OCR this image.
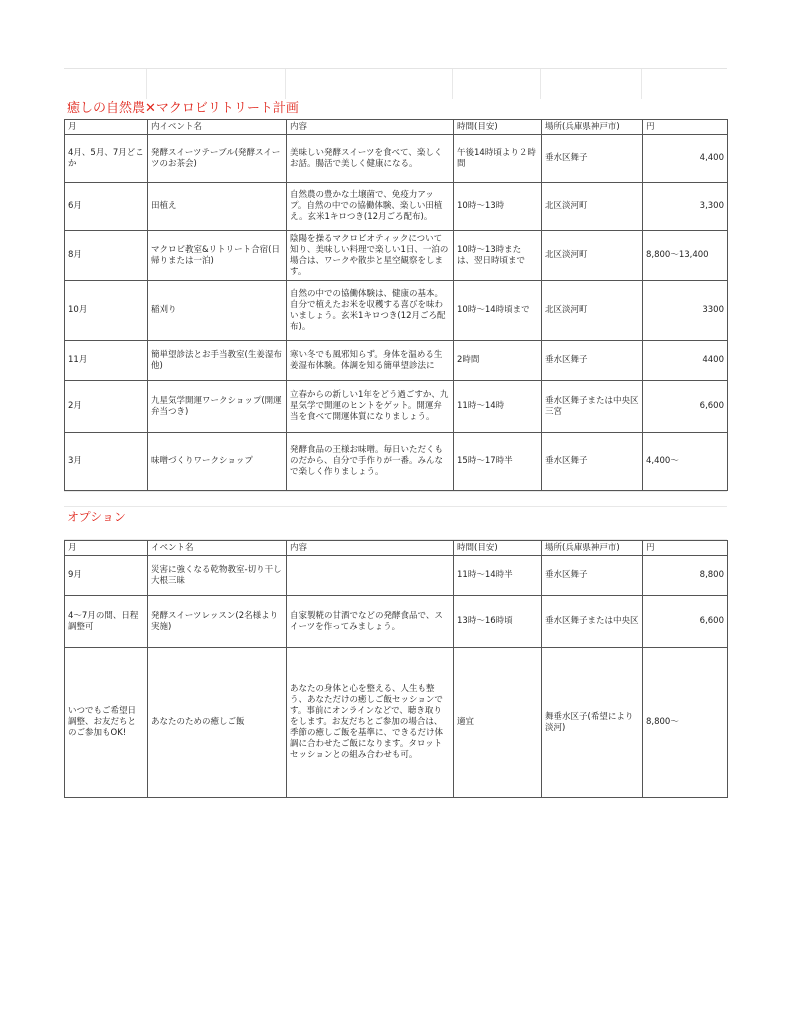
癒しの自然農✕マクロビリトリート計画
月	内イベント名	内容	時間(目安)	場所(兵庫県神戸市)	円
4月、5月、7月どこか	発酵スイーツテーブル(発酵スイーツのお茶会)	美味しい発酵スイーツを食べて、楽しくお話。腸活で美しく健康になる。	午後14時頃より２時間	垂水区舞子	4,400
6月	田植え	自然農の豊かな土壌菌で、免疫力アップ。自然の中での協働体験、楽しい田植え。玄米1キロつき(12月ごろ配布)。	10時〜13時	北区淡河町	3,300
8月	マクロビ教室&リトリート合宿(日帰りまたは一泊)	陰陽を操るマクロビオティックについて知り、美味しい料理で楽しい1日、一泊の場合は、ワークや散歩と星空観察をします。	10時〜13時または、翌日時頃まで	北区淡河町	8,800〜13,400
10月	稲刈り	自然の中での協働体験は、健康の基本。自分で植えたお米を収穫する喜びを味わいましょう。玄米1キロつき(12月ごろ配布)。	10時〜14時頃まで	北区淡河町	3300
11月	簡単望診法とお手当教室(生姜湿布他)	寒い冬でも風邪知らず。身体を温める生姜湿布体験。体調を知る簡単望診法に	2時間	垂水区舞子	4400
2月	九星気学開運ワークショップ(開運弁当つき)	立春からの新しい1年をどう過ごすか、九星気学で開運のヒントをゲット。開運弁当を食べて開運体質になりましょう。	11時〜14時	垂水区舞子または中央区三宮	6,600
3月	味噌づくりワークショップ	発酵食品の王様お味噌。毎日いただくものだから、自分で手作りが一番。みんなで楽しく作りましょう。	15時〜17時半	垂水区舞子	4,400〜
オプション
月	イベント名	内容	時間(目安)	場所(兵庫県神戸市)	円
9月	災害に強くなる乾物教室-切り干し大根三昧		11時〜14時半	垂水区舞子	8,800
4〜7月の間、日程調整可	発酵スイーツレッスン(2名様より実施)	自家製糀の甘酒でなどの発酵食品で、スイーツを作ってみましょう。	13時〜16時頃	垂水区舞子または中央区	6,600
いつでもご希望日調整、お友だちとのご参加もOK!	あなたのための癒しご飯	あなたの身体と心を整える、人生も整う、あなただけの癒しご飯セッションです。事前にオンラインなどで、聴き取りをします。お友だちとご参加の場合は、季節の癒しご飯を基準に、できるだけ体調に合わせたご飯になります。タロットセッションとの組み合わせも可。	適宜	舞垂水区子(希望により淡河)	8,800〜
